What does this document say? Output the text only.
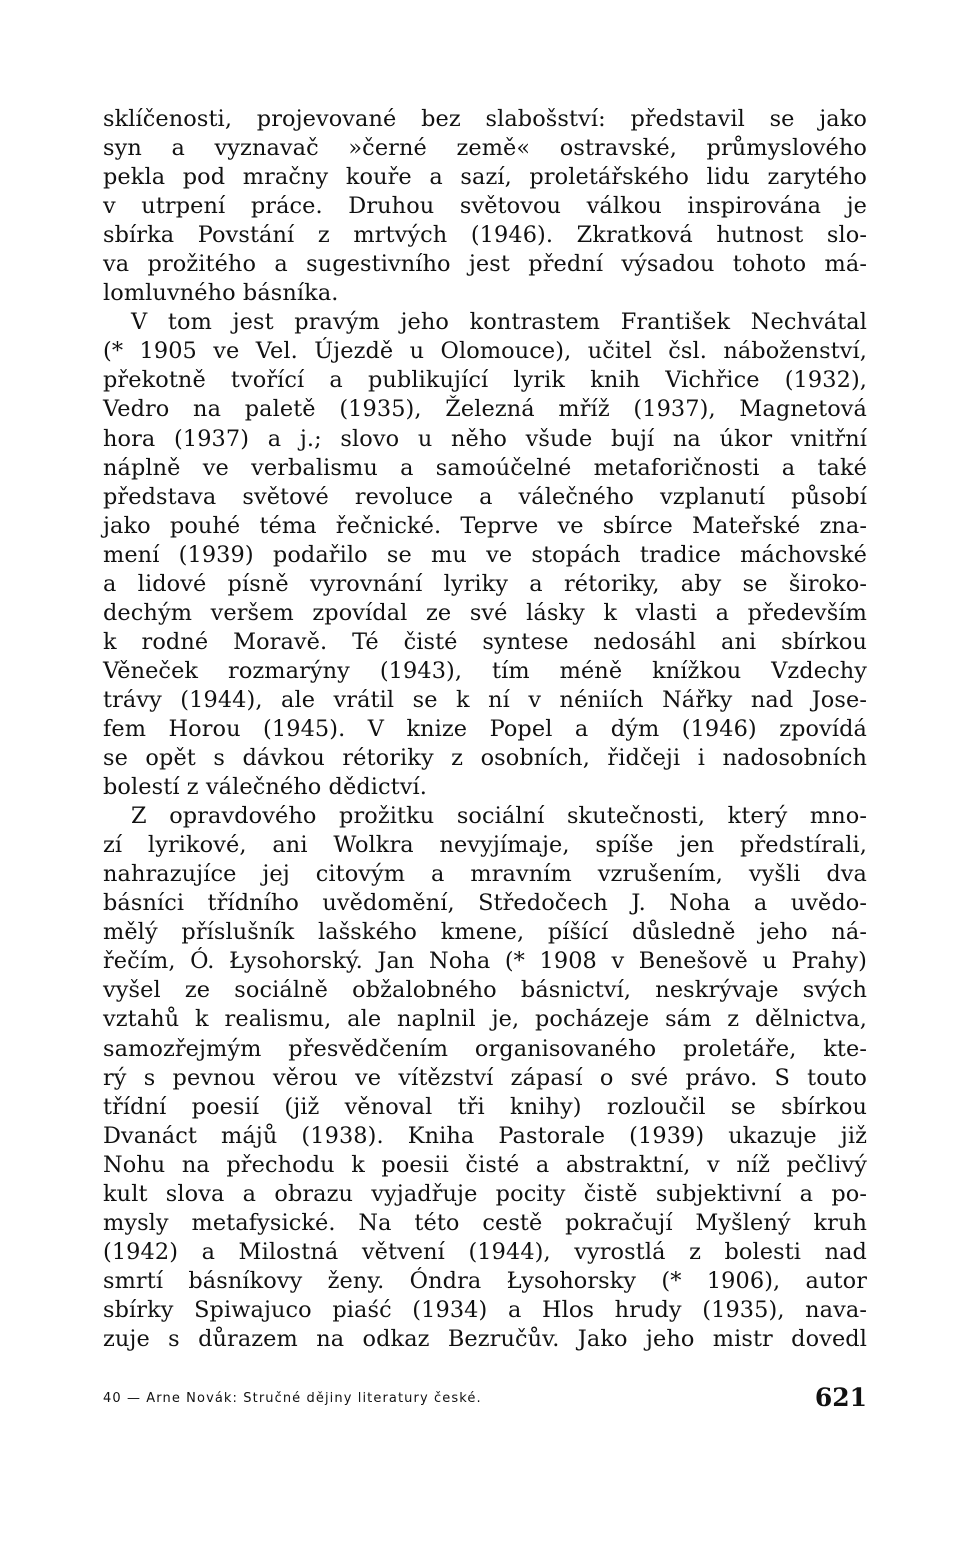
sklíčenosti, projevované bez slabošství: představil se jako
syn a vyznavač »černé země« ostravské, průmyslového
pekla pod mračny kouře a sazí, proletářského lidu zarytého
v utrpení práce. Druhou světovou válkou inspirována je
sbírka Povstání z mrtvých (1946). Zkratková hutnost slo-
va prožitého a sugestivního jest přední výsadou tohoto má-
lomluvného básníka.
V tom jest pravým jeho kontrastem František Nechvátal
(* 1905 ve Vel. Újezdě u Olomouce), učitel čsl. náboženství,
překotně tvořící a publikující lyrik knih Vichřice (1932),
Vedro na paletě (1935), Železná mříž (1937), Magnetová
hora (1937) a j.; slovo u něho všude bují na úkor vnitřní
náplně ve verbalismu a samoúčelné metaforičnosti a také
představa světové revoluce a válečného vzplanutí působí
jako pouhé téma řečnické. Teprve ve sbírce Mateřské zna-
mení (1939) podařilo se mu ve stopách tradice máchovské
a lidové písně vyrovnání lyriky a rétoriky, aby se široko-
dechým veršem zpovídal ze své lásky k vlasti a především
k rodné Moravě. Té čisté syntese nedosáhl ani sbírkou
Věneček rozmarýny (1943), tím méně knížkou Vzdechy
trávy (1944), ale vrátil se k ní v néniích Nářky nad Jose-
fem Horou (1945). V knize Popel a dým (1946) zpovídá
se opět s dávkou rétoriky z osobních, řidčeji i nadosobních
bolestí z válečného dědictví.
Z opravdového prožitku sociální skutečnosti, který mno-
zí lyrikové, ani Wolkra nevyjímaje, spíše jen předstírali,
nahrazujíce jej citovým a mravním vzrušením, vyšli dva
básníci třídního uvědomění, Středočech J. Noha a uvědo-
mělý příslušník lašského kmene, píšící důsledně jeho ná-
řečím, Ó. Łysohorský. Jan Noha (* 1908 v Benešově u Prahy)
vyšel ze sociálně obžalobného básnictví, neskrývaje svých
vztahů k realismu, ale naplnil je, pocházeje sám z dělnictva,
samozřejmým přesvědčením organisovaného proletáře, kte-
rý s pevnou věrou ve vítězství zápasí o své právo. S touto
třídní poesií (již věnoval tři knihy) rozloučil se sbírkou
Dvanáct májů (1938). Kniha Pastorale (1939) ukazuje již
Nohu na přechodu k poesii čisté a abstraktní, v níž pečlivý
kult slova a obrazu vyjadřuje pocity čistě subjektivní a po-
mysly metafysické. Na této cestě pokračují Myšlený kruh
(1942) a Milostná větvení (1944), vyrostlá z bolesti nad
smrtí básníkovy ženy. Óndra Łysohorsky (* 1906), autor
sbírky Spiwajuco piaść (1934) a Hlos hrudy (1935), nava-
zuje s důrazem na odkaz Bezručův. Jako jeho mistr dovedl
40 — Arne Novák: Stručné dějiny literatury české.	621
